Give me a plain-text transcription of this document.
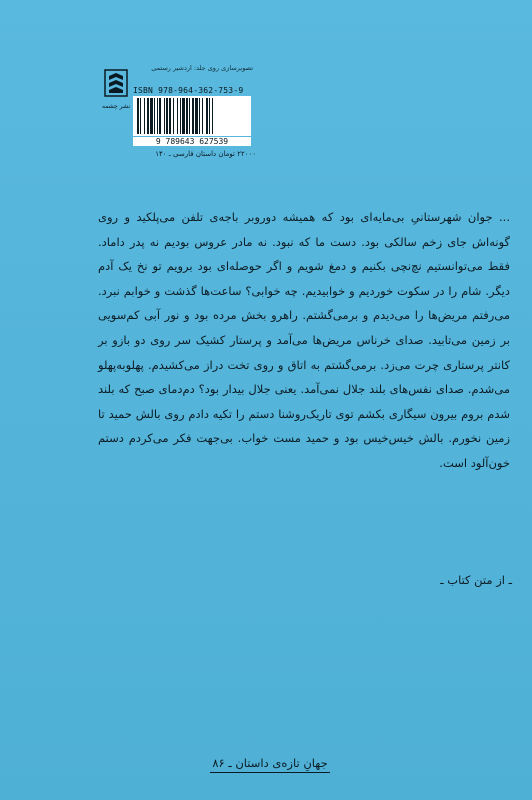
نشر چشمه
تصویرسازی روی جلد: اردشیر رستمی
ISBN 978-964-362-753-9
9 789643 627539
۲۲۰۰۰ تومان داستان فارسی ـ ۱۴۰

... جوان شهرستانیِ بی‌مایه‌ای بود که همیشه دوروبر باجه‌ی تلفن می‌پلکید و روی گونه‌اش جای زخم سالکی بود. دست ما که نبود. نه مادر عروس بودیم نه پدر داماد. فقط می‌توانستیم نچ‌نچی بکنیم و دمغ شویم و اگر حوصله‌ای بود برویم تو نخ یک آدم دیگر. شام را در سکوت خوردیم و خوابیدیم. چه خوابی؟ ساعت‌ها گذشت و خوابم نبرد. می‌رفتم مریض‌ها را می‌دیدم و برمی‌گشتم. راهرو بخش مرده بود و نور آبی کم‌سویی بر زمین می‌تابید. صدای خرناس مریض‌ها می‌آمد و پرستار کشیک سر روی دو بازو بر کانتر پرستاری چرت می‌زد. برمی‌گشتم به اتاق و روی تخت دراز می‌کشیدم. پهلوبه‌پهلو می‌شدم. صدای نفس‌های بلند جلال نمی‌آمد. یعنی جلال بیدار بود؟ دم‌دمای صبح که بلند شدم بروم بیرون سیگاری بکشم توی تاریک‌روشنا دستم را تکیه دادم روی بالش حمید تا زمین نخورم. بالش خیس‌خیس بود و حمید مست خواب. بی‌جهت فکر می‌کردم دستم خون‌آلود است.

ـ از متن کتاب ـ
جهانِ تازه‌ی داستان ـ ۸۶
